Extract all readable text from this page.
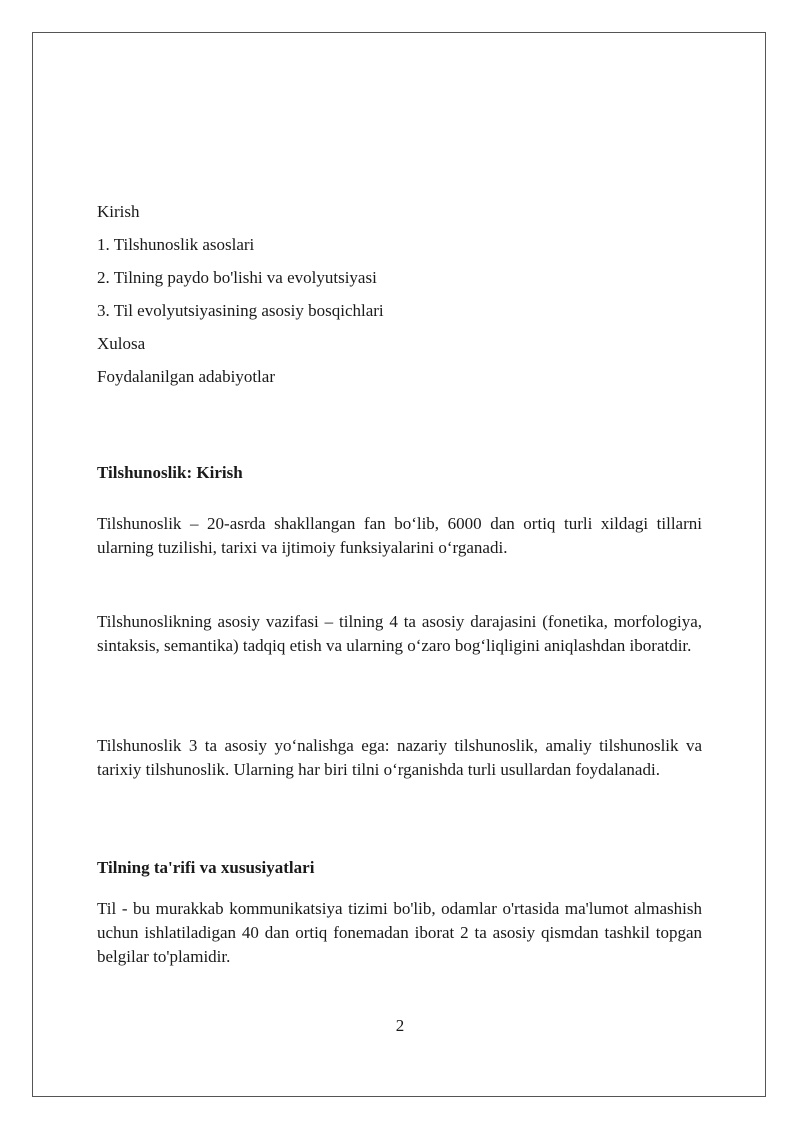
Kirish
1. Tilshunoslik asoslari
2. Tilning paydo bo'lishi va evolyutsiyasi
3. Til evolyutsiyasining asosiy bosqichlari
Xulosa
Foydalanilgan adabiyotlar
Tilshunoslik: Kirish
Tilshunoslik – 20-asrda shakllangan fan bo‘lib, 6000 dan ortiq turli xildagi tillarni ularning tuzilishi, tarixi va ijtimoiy funksiyalarini o‘rganadi.
Tilshunoslikning asosiy vazifasi – tilning 4 ta asosiy darajasini (fonetika, morfologiya, sintaksis, semantika) tadqiq etish va ularning o‘zaro bog‘liqligini aniqlashdan iboratdir.
Tilshunoslik 3 ta asosiy yo‘nalishga ega: nazariy tilshunoslik, amaliy tilshunoslik va tarixiy tilshunoslik. Ularning har biri tilni o‘rganishda turli usullardan foydalanadi.
Tilning ta'rifi va xususiyatlari
Til - bu murakkab kommunikatsiya tizimi bo'lib, odamlar o'rtasida ma'lumot almashish uchun ishlatiladigan 40 dan ortiq fonemadan iborat 2 ta asosiy qismdan tashkil topgan belgilar to'plamidir.
2
